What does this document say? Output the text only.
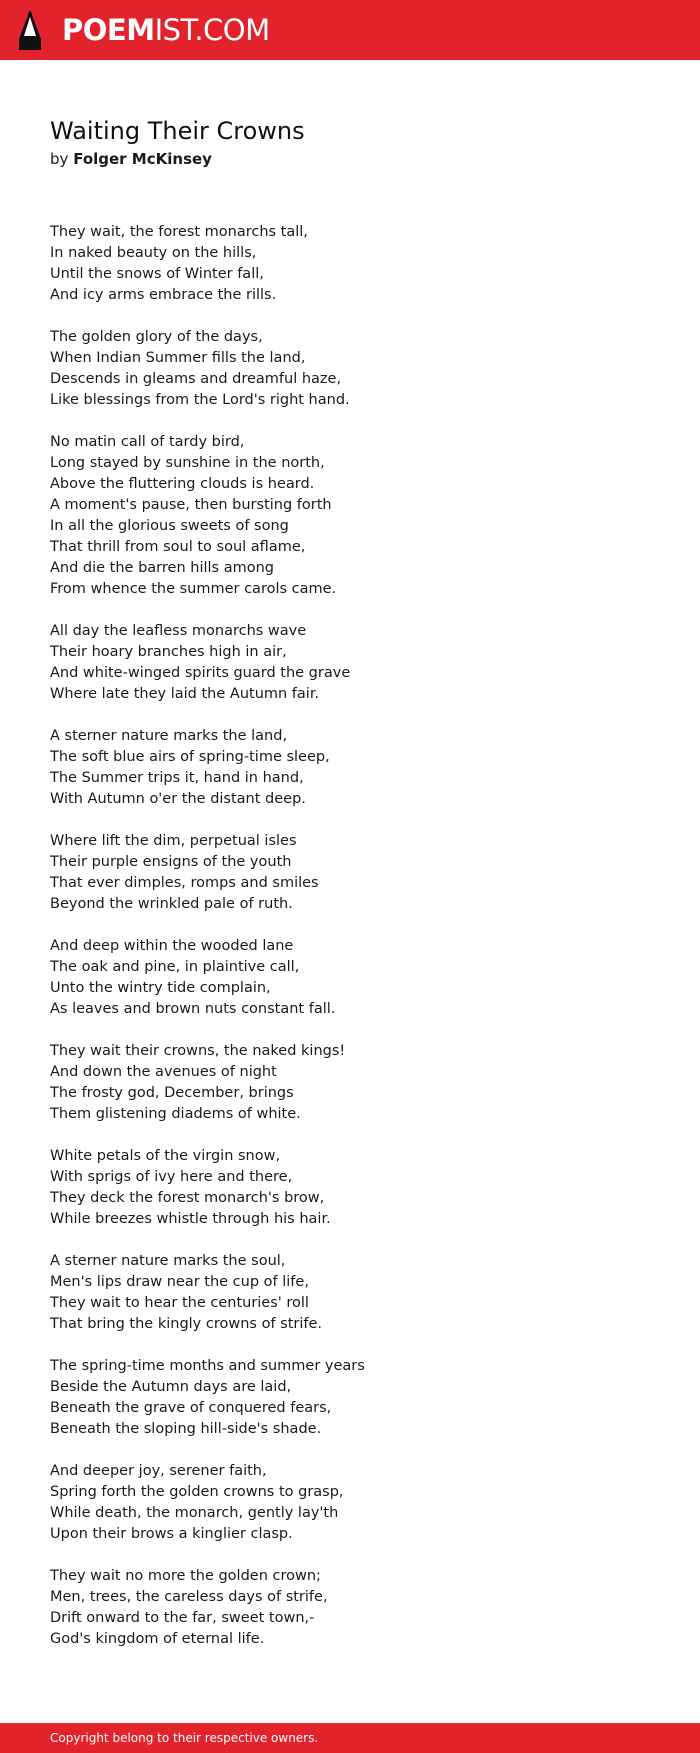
POEMIST.COM
Waiting Their Crowns
by Folger McKinsey
They wait, the forest monarchs tall,
In naked beauty on the hills,
Until the snows of Winter fall,
And icy arms embrace the rills.
The golden glory of the days,
When Indian Summer fills the land,
Descends in gleams and dreamful haze,
Like blessings from the Lord's right hand.
No matin call of tardy bird,
Long stayed by sunshine in the north,
Above the fluttering clouds is heard.
A moment's pause, then bursting forth
In all the glorious sweets of song
That thrill from soul to soul aflame,
And die the barren hills among
From whence the summer carols came.
All day the leafless monarchs wave
Their hoary branches high in air,
And white-winged spirits guard the grave
Where late they laid the Autumn fair.
A sterner nature marks the land,
The soft blue airs of spring-time sleep,
The Summer trips it, hand in hand,
With Autumn o'er the distant deep.
Where lift the dim, perpetual isles
Their purple ensigns of the youth
That ever dimples, romps and smiles
Beyond the wrinkled pale of ruth.
And deep within the wooded lane
The oak and pine, in plaintive call,
Unto the wintry tide complain,
As leaves and brown nuts constant fall.
They wait their crowns, the naked kings!
And down the avenues of night
The frosty god, December, brings
Them glistening diadems of white.
White petals of the virgin snow,
With sprigs of ivy here and there,
They deck the forest monarch's brow,
While breezes whistle through his hair.
A sterner nature marks the soul,
Men's lips draw near the cup of life,
They wait to hear the centuries' roll
That bring the kingly crowns of strife.
The spring-time months and summer years
Beside the Autumn days are laid,
Beneath the grave of conquered fears,
Beneath the sloping hill-side's shade.
And deeper joy, serener faith,
Spring forth the golden crowns to grasp,
While death, the monarch, gently lay'th
Upon their brows a kinglier clasp.
They wait no more the golden crown;
Men, trees, the careless days of strife,
Drift onward to the far, sweet town,-
God's kingdom of eternal life.
Copyright belong to their respective owners.
